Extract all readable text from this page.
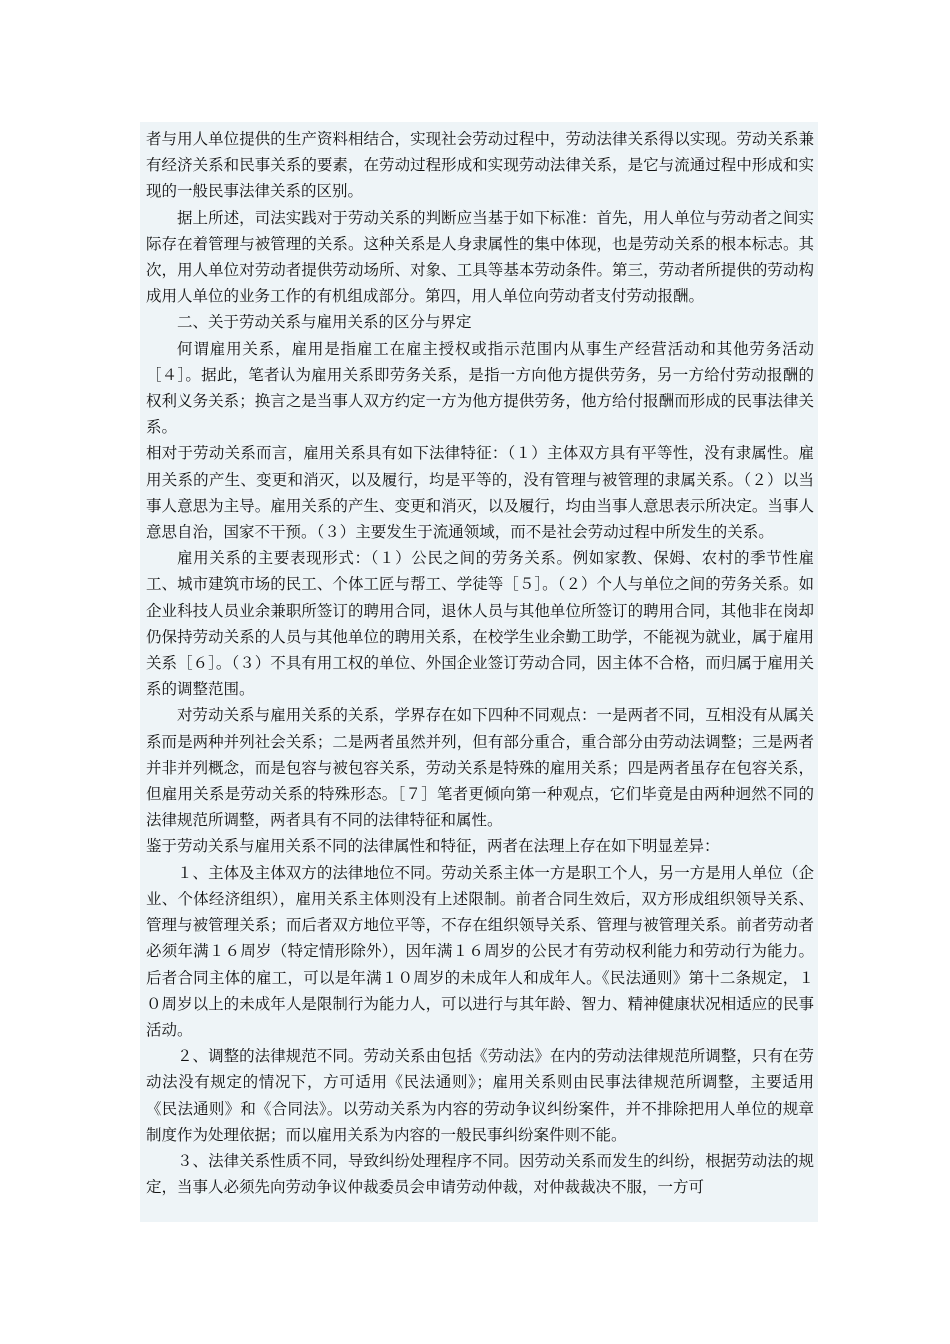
者与用人单位提供的生产资料相结合，实现社会劳动过程中，劳动法律关系得以实现。劳动关系兼有经济关系和民事关系的要素，在劳动过程形成和实现劳动法律关系，是它与流通过程中形成和实现的一般民事法律关系的区别。

据上所述，司法实践对于劳动关系的判断应当基于如下标准：首先，用人单位与劳动者之间实际存在着管理与被管理的关系。这种关系是人身隶属性的集中体现，也是劳动关系的根本标志。其次，用人单位对劳动者提供劳动场所、对象、工具等基本劳动条件。第三，劳动者所提供的劳动构成用人单位的业务工作的有机组成部分。第四，用人单位向劳动者支付劳动报酬。

二、关于劳动关系与雇用关系的区分与界定

何谓雇用关系，雇用是指雇工在雇主授权或指示范围内从事生产经营活动和其他劳务活动［４］。据此，笔者认为雇用关系即劳务关系，是指一方向他方提供劳务，另一方给付劳动报酬的权利义务关系；换言之是当事人双方约定一方为他方提供劳务，他方给付报酬而形成的民事法律关系。

相对于劳动关系而言，雇用关系具有如下法律特征：（１）主体双方具有平等性，没有隶属性。雇用关系的产生、变更和消灭，以及履行，均是平等的，没有管理与被管理的隶属关系。（２）以当事人意思为主导。雇用关系的产生、变更和消灭，以及履行，均由当事人意思表示所决定。当事人意思自治，国家不干预。（３）主要发生于流通领域，而不是社会劳动过程中所发生的关系。

雇用关系的主要表现形式：（１）公民之间的劳务关系。例如家教、保姆、农村的季节性雇工、城市建筑市场的民工、个体工匠与帮工、学徒等［５］。（２）个人与单位之间的劳务关系。如企业科技人员业余兼职所签订的聘用合同，退休人员与其他单位所签订的聘用合同，其他非在岗却仍保持劳动关系的人员与其他单位的聘用关系，在校学生业余勤工助学，不能视为就业，属于雇用关系［６］。（３）不具有用工权的单位、外国企业签订劳动合同，因主体不合格，而归属于雇用关系的调整范围。

对劳动关系与雇用关系的关系，学界存在如下四种不同观点：一是两者不同，互相没有从属关系而是两种并列社会关系；二是两者虽然并列，但有部分重合，重合部分由劳动法调整；三是两者并非并列概念，而是包容与被包容关系，劳动关系是特殊的雇用关系；四是两者虽存在包容关系，但雇用关系是劳动关系的特殊形态。［７］笔者更倾向第一种观点，它们毕竟是由两种迥然不同的法律规范所调整，两者具有不同的法律特征和属性。

鉴于劳动关系与雇用关系不同的法律属性和特征，两者在法理上存在如下明显差异：

１、主体及主体双方的法律地位不同。劳动关系主体一方是职工个人，另一方是用人单位（企业、个体经济组织），雇用关系主体则没有上述限制。前者合同生效后，双方形成组织领导关系、管理与被管理关系；而后者双方地位平等，不存在组织领导关系、管理与被管理关系。前者劳动者必须年满１６周岁（特定情形除外），因年满１６周岁的公民才有劳动权利能力和劳动行为能力。后者合同主体的雇工，可以是年满１０周岁的未成年人和成年人。《民法通则》第十二条规定，１０周岁以上的未成年人是限制行为能力人，可以进行与其年龄、智力、精神健康状况相适应的民事活动。

２、调整的法律规范不同。劳动关系由包括《劳动法》在内的劳动法律规范所调整，只有在劳动法没有规定的情况下，方可适用《民法通则》；雇用关系则由民事法律规范所调整，主要适用《民法通则》和《合同法》。以劳动关系为内容的劳动争议纠纷案件，并不排除把用人单位的规章制度作为处理依据；而以雇用关系为内容的一般民事纠纷案件则不能。

３、法律关系性质不同，导致纠纷处理程序不同。因劳动关系而发生的纠纷，根据劳动法的规定，当事人必须先向劳动争议仲裁委员会申请劳动仲裁，对仲裁裁决不服，一方可
